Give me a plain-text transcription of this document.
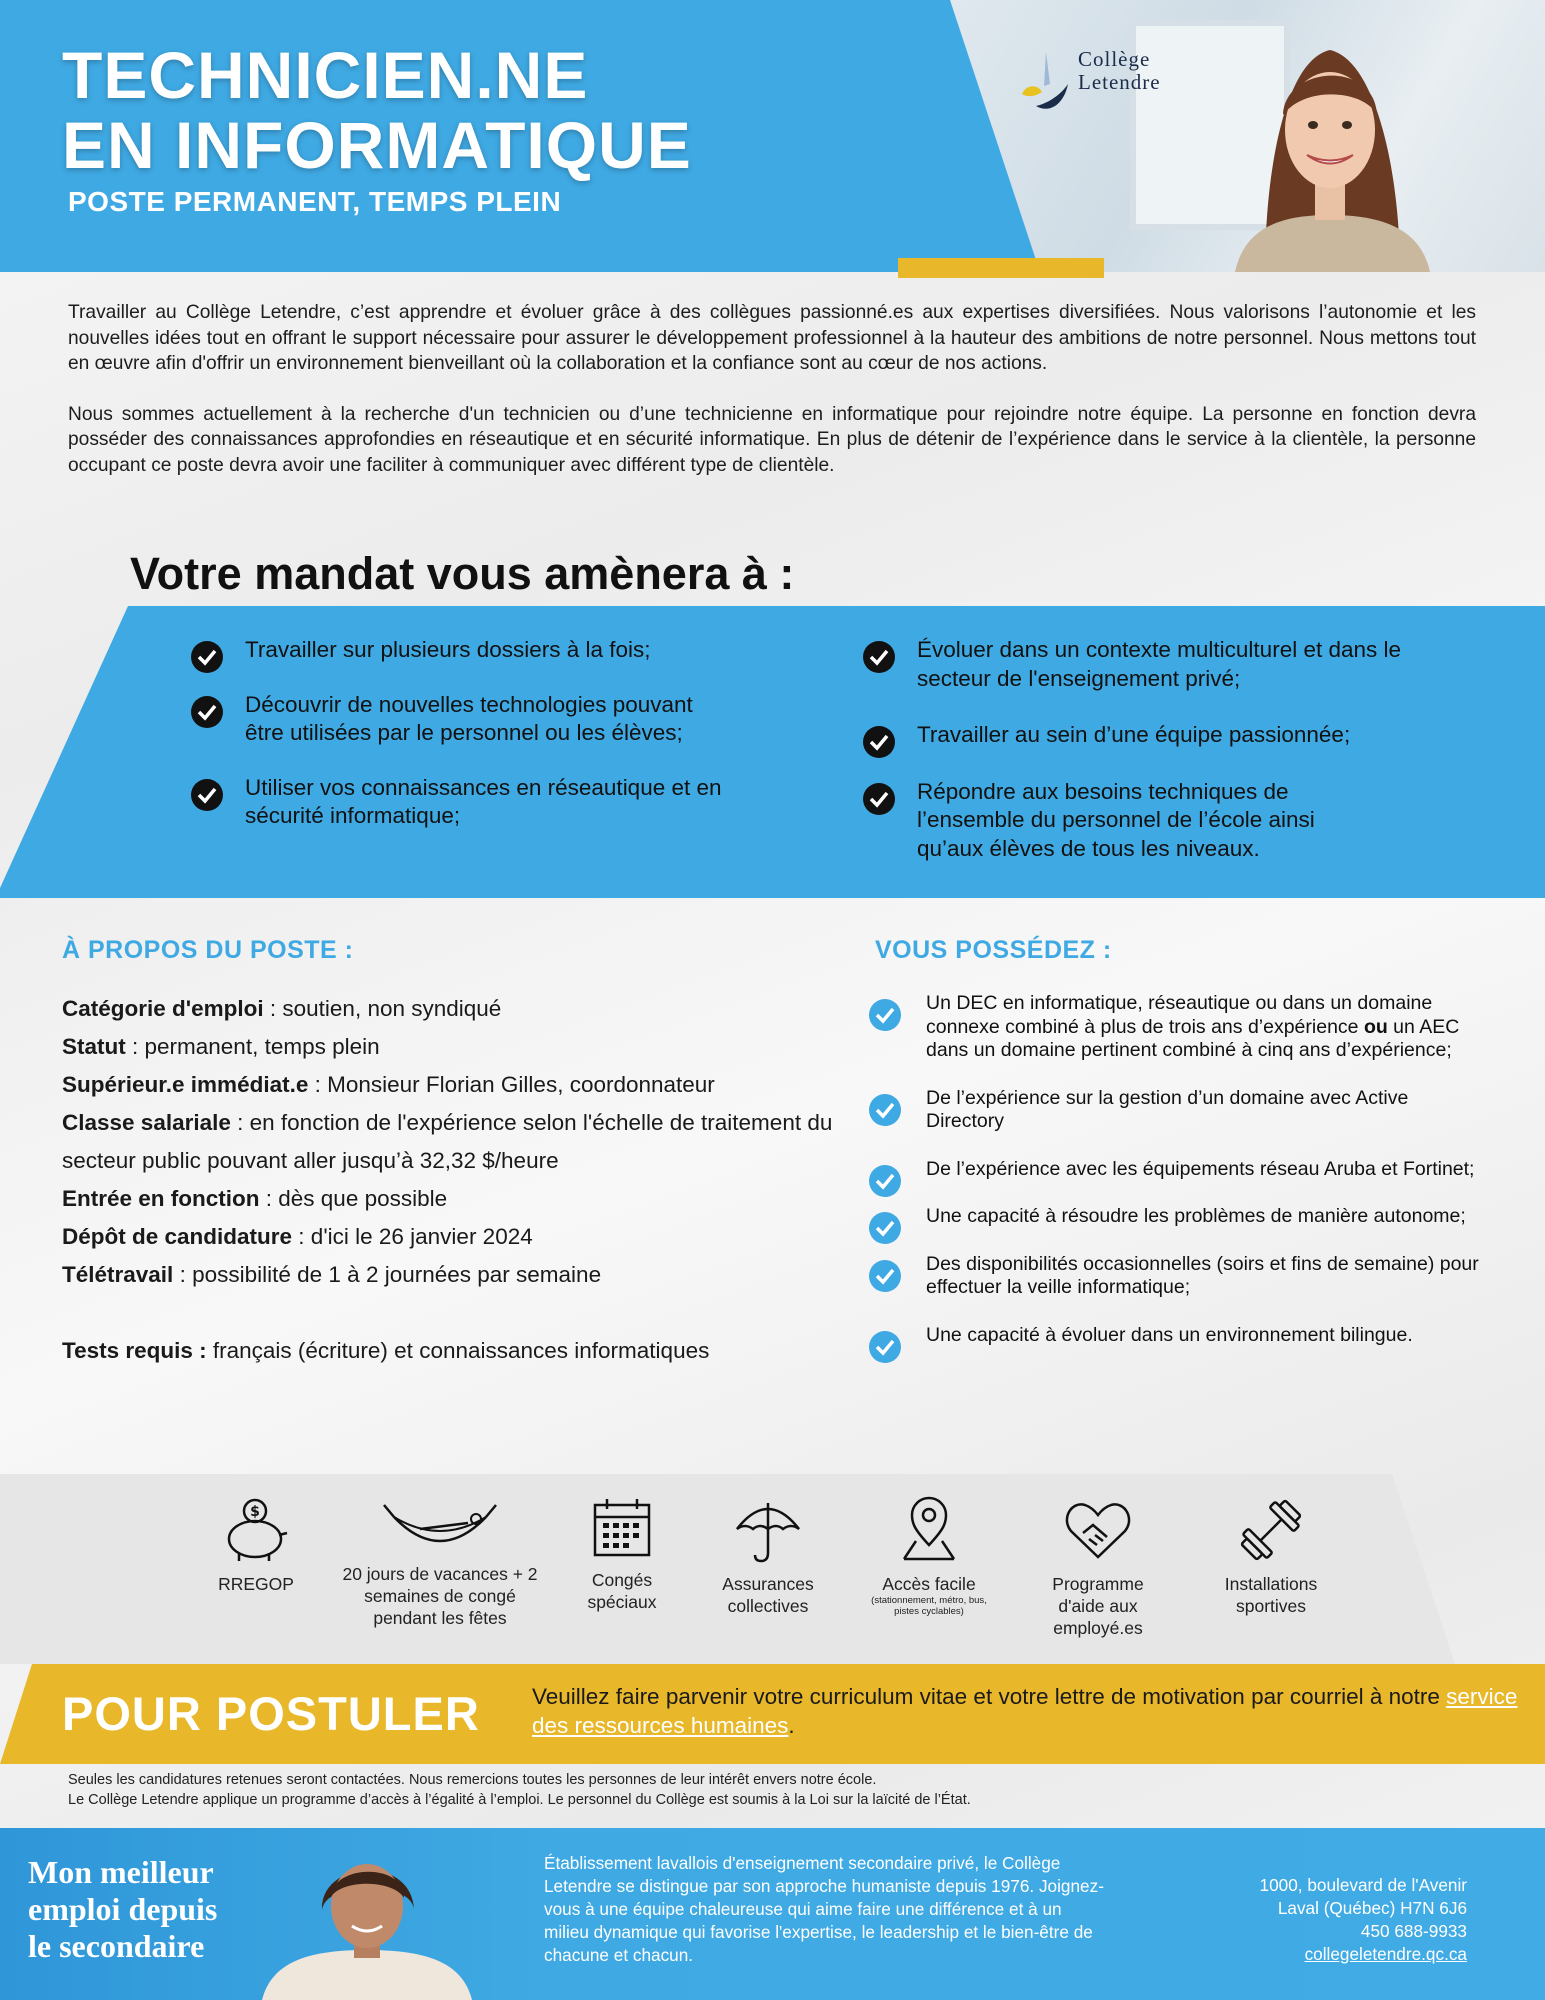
TECHNICIEN.NE
EN INFORMATIQUE
POSTE PERMANENT, TEMPS PLEIN
Collège
Letendre

Travailler au Collège Letendre, c’est apprendre et évoluer grâce à des collègues passionné.es aux expertises diversifiées. Nous valorisons l’autonomie et les nouvelles idées tout en offrant le support nécessaire pour assurer le développement professionnel à la hauteur des ambitions de notre personnel. Nous mettons tout en œuvre afin d'offrir un environnement bienveillant où la collaboration et la confiance sont au cœur de nos actions.

Nous sommes actuellement à la recherche d'un technicien ou d’une technicienne en informatique pour rejoindre notre équipe. La personne en fonction devra posséder des connaissances approfondies en réseautique et en sécurité informatique. En plus de détenir de l’expérience dans le service à la clientèle, la personne occupant ce poste devra avoir une faciliter à communiquer avec différent type de clientèle.

Votre mandat vous amènera à :
Travailler sur plusieurs dossiers à la fois;
Découvrir de nouvelles technologies pouvant être utilisées par le personnel ou les élèves;
Utiliser vos connaissances en réseautique et en sécurité informatique;
Évoluer dans un contexte multiculturel et dans le secteur de l'enseignement privé;
Travailler au sein d’une équipe passionnée;
Répondre aux besoins techniques de l’ensemble du personnel de l’école ainsi qu’aux élèves de tous les niveaux.
À PROPOS DU POSTE :
Catégorie d'emploi : soutien, non syndiqué
Statut : permanent, temps plein
Supérieur.e immédiat.e : Monsieur Florian Gilles, coordonnateur
Classe salariale : en fonction de l'expérience selon l'échelle de traitement du secteur public pouvant aller jusqu’à 32,32 $/heure
Entrée en fonction : dès que possible
Dépôt de candidature : d'ici le 26 janvier 2024
Télétravail : possibilité de 1 à 2 journées par semaine
Tests requis : français (écriture) et connaissances informatiques
VOUS POSSÉDEZ :
Un DEC en informatique, réseautique ou dans un domaine connexe combiné à plus de trois ans d’expérience ou un AEC dans un domaine pertinent combiné à cinq ans d’expérience;
De l’expérience sur la gestion d’un domaine avec Active Directory
De l’expérience avec les équipements réseau Aruba et Fortinet;
Une capacité à résoudre les problèmes de manière autonome;
Des disponibilités occasionnelles (soirs et fins de semaine) pour effectuer la veille informatique;
Une capacité à évoluer dans un environnement bilingue.
$
RREGOP	20 jours de vacances + 2 semaines de congé pendant les fêtes
Congés spéciaux
Assurances collectives
Accès facile
(stationnement, métro, bus, pistes cyclables)
Programme d'aide aux employé.es
Installations sportives
POUR POSTULER Veuillez faire parvenir votre curriculum vitae et votre lettre de motivation par courriel à notre service des ressources humaines.
Seules les candidatures retenues seront contactées. Nous remercions toutes les personnes de leur intérêt envers notre école.
Le Collège Letendre applique un programme d’accès à l’égalité à l’emploi. Le personnel du Collège est soumis à la Loi sur la laïcité de l’État.
Mon meilleur
emploi depuis
le secondaire
Établissement lavallois d'enseignement secondaire privé, le Collège Letendre se distingue par son approche humaniste depuis 1976. Joignez-vous à une équipe chaleureuse qui aime faire une différence et à un milieu dynamique qui favorise l'expertise, le leadership et le bien-être de chacune et chacun.
1000, boulevard de l'Avenir
Laval (Québec) H7N 6J6
450 688-9933
collegeletendre.qc.ca
